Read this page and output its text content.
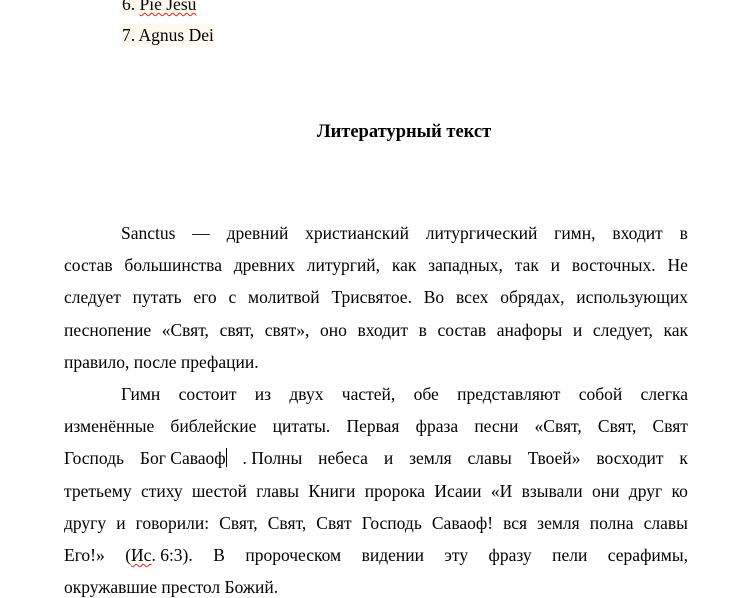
6. Pie Jesu
7. Agnus Dei
Литературный текст
Sanctus — древний христианский литургический гимн, входит в
состав большинства древних литургий, как западных, так и восточных. Не
следует путать его с молитвой Трисвятое. Во всех обрядах, использующих
песнопение «Свят, свят, свят», оно входит в состав анафоры и следует, как
правило, после префации.
Гимн состоит из двух частей, обе представляют собой слегка
изменённые библейские цитаты. Первая фраза песни «Свят, Свят, Свят
Господь Бог Саваоф . Полны небеса и земля славы Твоей» восходит к
третьему стиху шестой главы Книги пророка Исаии «И взывали они друг ко
другу и говорили: Свят, Свят, Свят Господь Саваоф! вся земля полна славы
Его!» (Ис. 6:3). В пророческом видении эту фразу пели серафимы,
окружавшие престол Божий.
